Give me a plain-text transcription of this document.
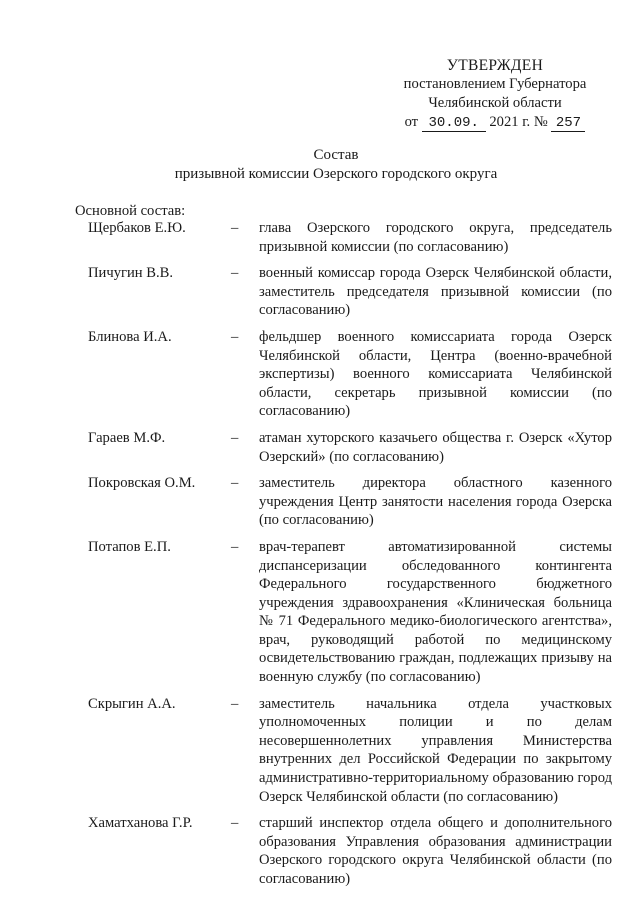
УТВЕРЖДЕН
постановлением Губернатора
Челябинской области
от 30.09. 2021 г. № 257
Состав
призывной комиссии Озерского городского округа
Основной состав:
Щербаков Е.Ю.	–	глава Озерского городского округа, председатель призывной комиссии (по согласованию)
Пичугин В.В.	–	военный комиссар города Озерск Челябинской области, заместитель председателя призывной комиссии (по согласованию)
Блинова И.А.	–	фельдшер военного комиссариата города Озерск Челябинской области, Центра (военно-врачебной экспертизы) военного комиссариата Челябинской области, секретарь призывной комиссии (по согласованию)
Гараев М.Ф.	–	атаман хуторского казачьего общества г. Озерск «Хутор Озерский» (по согласованию)
Покровская О.М.	–	заместитель директора областного казенного учреждения Центр занятости населения города Озерска (по согласованию)
Потапов Е.П.	–	врач-терапевт автоматизированной системы диспансеризации обследованного контингента Федерального государственного бюджетного учреждения здравоохранения «Клиническая больница № 71 Федерального медико-биологического агентства», врач, руководящий работой по медицинскому освидетельствованию граждан, подлежащих призыву на военную службу (по согласованию)
Скрыгин А.А.	–	заместитель начальника отдела участковых уполномоченных полиции и по делам несовершеннолетних управления Министерства внутренних дел Российской Федерации по закрытому административно-территориальному образованию город Озерск Челябинской области (по согласованию)
Хаматханова Г.Р.	–	старший инспектор отдела общего и дополнительного образования Управления образования администрации Озерского городского округа Челябинской области (по согласованию)
